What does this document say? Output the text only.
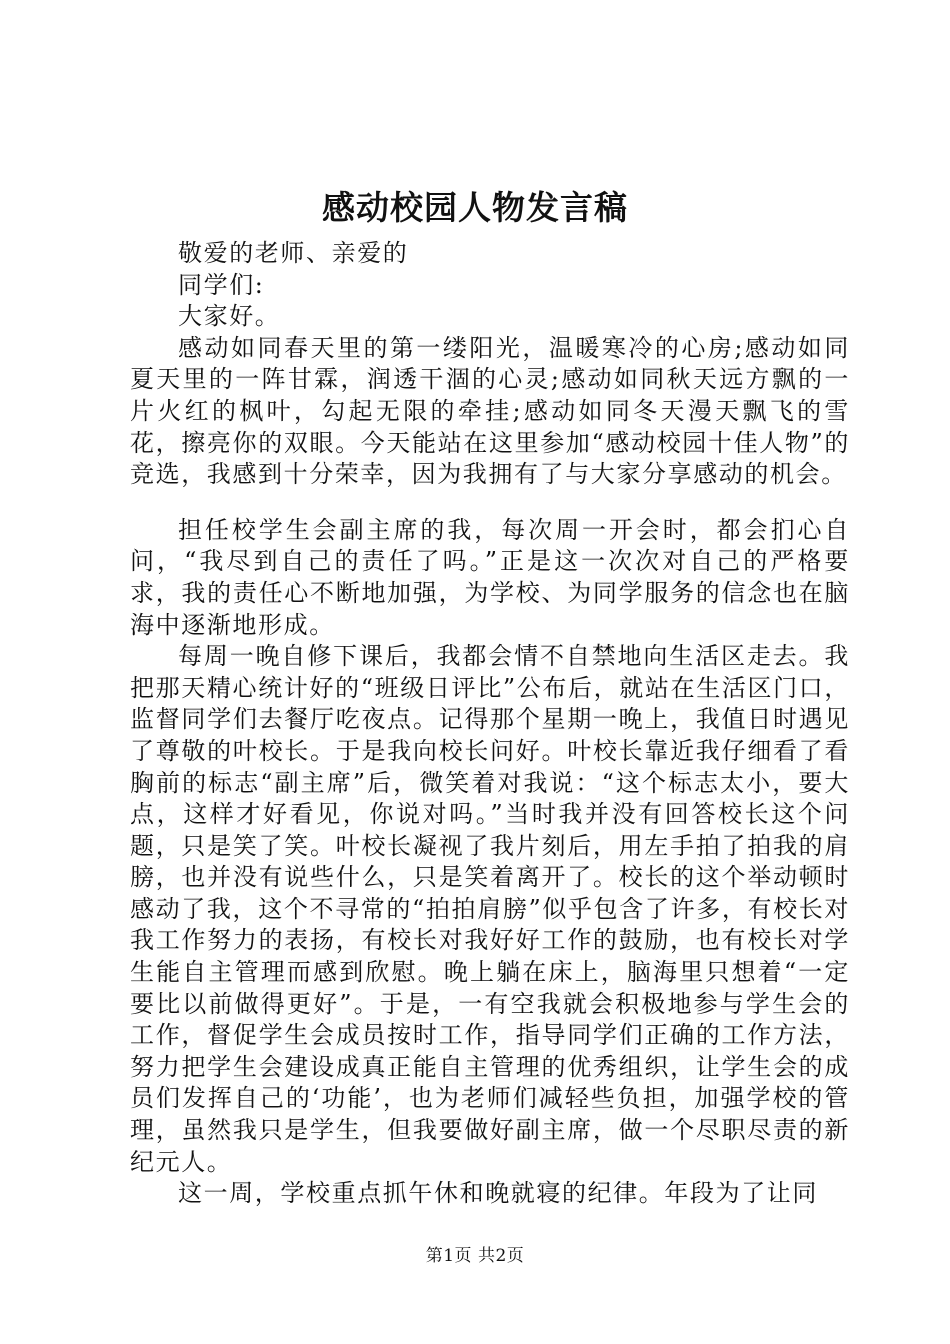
感动校园人物发言稿

敬爱的老师、亲爱的

同学们:

大家好。

感动如同春天里的第一缕阳光，温暖寒冷的心房;感动如同夏天里的一阵甘霖，润透干涸的心灵;感动如同秋天远方飘的一片火红的枫叶，勾起无限的牵挂;感动如同冬天漫天飘飞的雪花，擦亮你的双眼。今天能站在这里参加“感动校园十佳人物”的竞选，我感到十分荣幸，因为我拥有了与大家分享感动的机会。

担任校学生会副主席的我，每次周一开会时，都会扪心自问，“我尽到自己的责任了吗。”正是这一次次对自己的严格要求，我的责任心不断地加强，为学校、为同学服务的信念也在脑海中逐渐地形成。

每周一晚自修下课后，我都会情不自禁地向生活区走去。我把那天精心统计好的“班级日评比”公布后，就站在生活区门口，监督同学们去餐厅吃夜点。记得那个星期一晚上，我值日时遇见了尊敬的叶校长。于是我向校长问好。叶校长靠近我仔细看了看胸前的标志“副主席”后，微笑着对我说：“这个标志太小，要大点，这样才好看见，你说对吗。”当时我并没有回答校长这个问题，只是笑了笑。叶校长凝视了我片刻后，用左手拍了拍我的肩膀，也并没有说些什么，只是笑着离开了。校长的这个举动顿时感动了我，这个不寻常的“拍拍肩膀”似乎包含了许多，有校长对我工作努力的表扬，有校长对我好好工作的鼓励，也有校长对学生能自主管理而感到欣慰。晚上躺在床上，脑海里只想着“一定要比以前做得更好”。于是，一有空我就会积极地参与学生会的工作，督促学生会成员按时工作，指导同学们正确的工作方法，努力把学生会建设成真正能自主管理的优秀组织，让学生会的成员们发挥自己的‘功能’，也为老师们减轻些负担，加强学校的管理，虽然我只是学生，但我要做好副主席，做一个尽职尽责的新纪元人。

这一周，学校重点抓午休和晚就寝的纪律。年段为了让同

第1页 共2页
